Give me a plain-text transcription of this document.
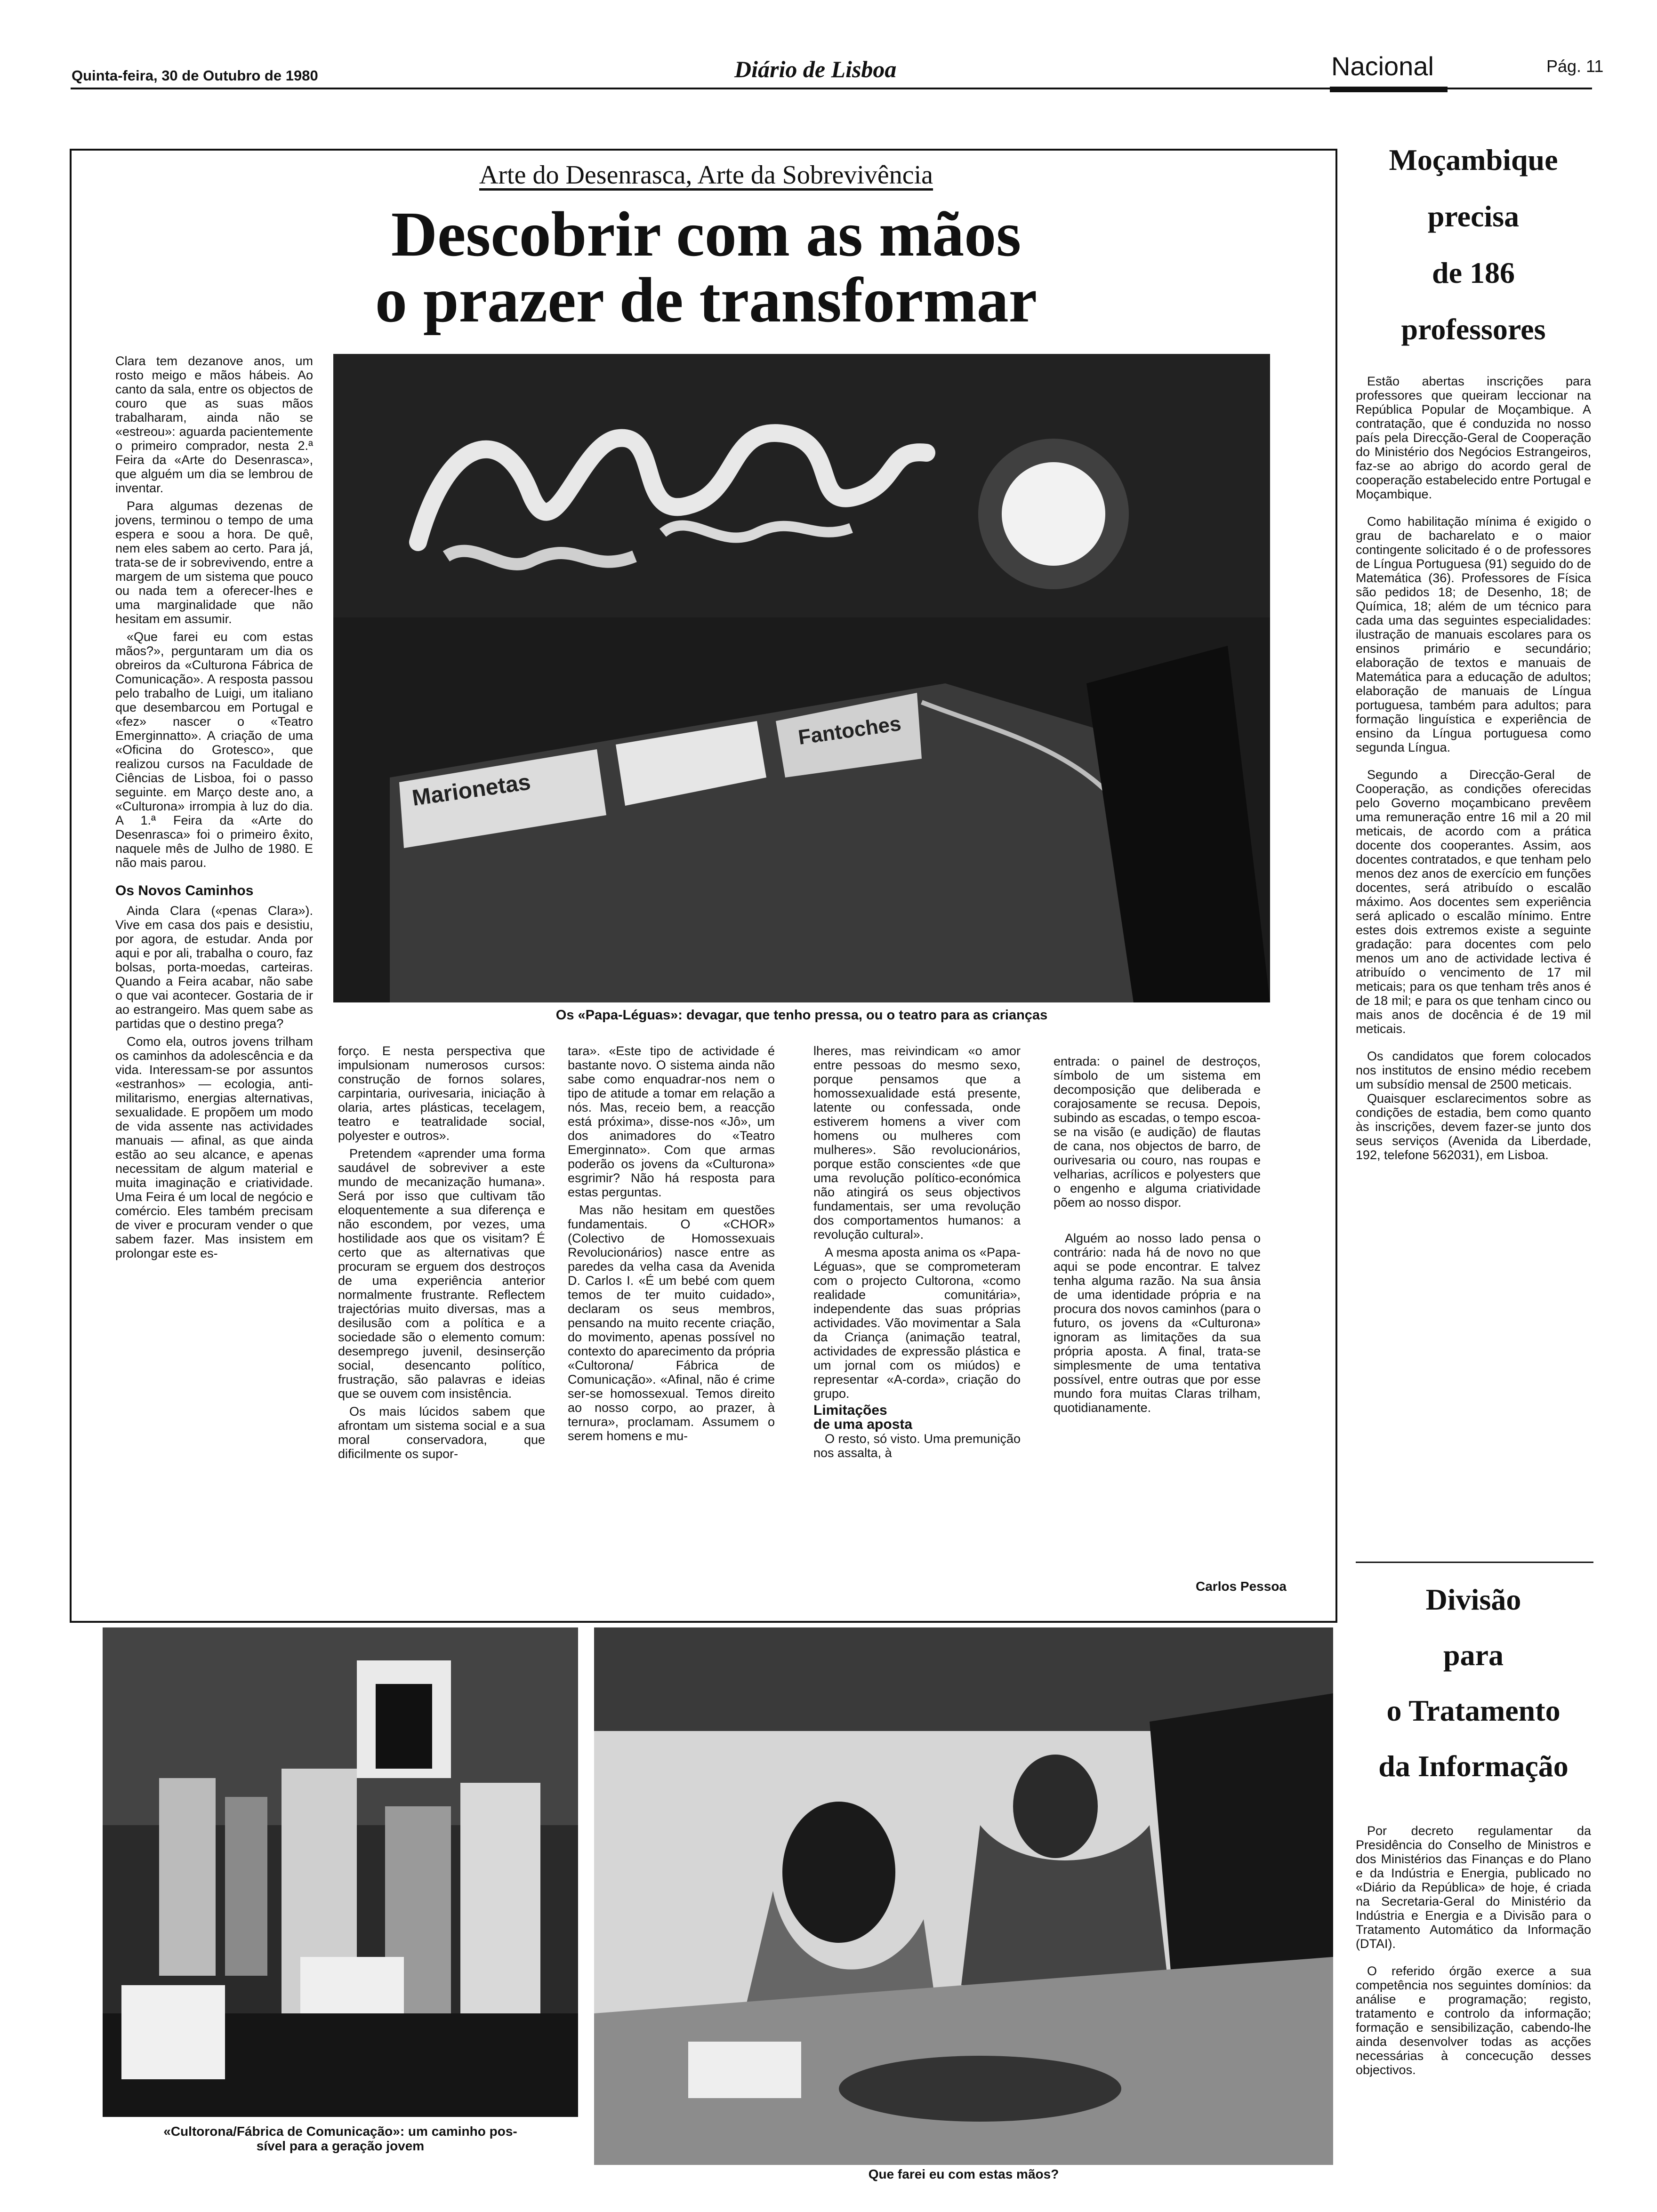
Quinta-feira, 30 de Outubro de 1980	Diário de Lisboa	Nacional	Pág. 11
Arte do Desenrasca, Arte da Sobrevivência
Descobrir com as mãos
o prazer de transformar
Marionetas
Fantoches
Os «Papa-Léguas»: devagar, que tenho pressa, ou o teatro para as crianças

Clara tem dezanove anos, um rosto meigo e mãos hábeis. Ao canto da sala, entre os objectos de couro que as suas mãos trabalharam, ainda não se «estreou»: aguarda pacientemente o primeiro comprador, nesta 2.ª Feira da «Arte do Desenrasca», que alguém um dia se lembrou de inventar.

Para algumas dezenas de jovens, terminou o tempo de uma espera e soou a hora. De quê, nem eles sabem ao certo. Para já, trata-se de ir sobrevivendo, entre a margem de um sistema que pouco ou nada tem a oferecer-lhes e uma marginalidade que não hesitam em assumir.

«Que farei eu com estas mãos?», perguntaram um dia os obreiros da «Culturona Fábrica de Comunicação». A resposta passou pelo trabalho de Luigi, um italiano que desembarcou em Portugal e «fez» nascer o «Teatro Emerginnatto». A criação de uma «Oficina do Grotesco», que realizou cursos na Faculdade de Ciências de Lisboa, foi o passo seguinte. em Março deste ano, a «Culturona» irrompia à luz do dia. A 1.ª Feira da «Arte do Desenrasca» foi o primeiro êxito, naquele mês de Julho de 1980. E não mais parou.

Os Novos Caminhos

Ainda Clara («penas Clara»). Vive em casa dos pais e desistiu, por agora, de estudar. Anda por aqui e por ali, trabalha o couro, faz bolsas, porta-moedas, carteiras. Quando a Feira acabar, não sabe o que vai acontecer. Gostaria de ir ao estrangeiro. Mas quem sabe as partidas que o destino prega?

Como ela, outros jovens trilham os caminhos da adolescência e da vida. Interessam-se por assuntos «estranhos» — ecologia, anti-militarismo, energias alternativas, sexualidade. E propõem um modo de vida assente nas actividades manuais — afinal, as que ainda estão ao seu alcance, e apenas necessitam de algum material e muita imaginação e criatividade. Uma Feira é um local de negócio e comércio. Eles também precisam de viver e procuram vender o que sabem fazer. Mas insistem em prolongar este es-

forço. E nesta perspectiva que impulsionam numerosos cursos: construção de fornos solares, carpintaria, ourivesaria, iniciação à olaria, artes plásticas, tecelagem, teatro e teatralidade social, polyester e outros».

Pretendem «aprender uma forma saudável de sobreviver a este mundo de mecanização humana». Será por isso que cultivam tão eloquentemente a sua diferença e não escondem, por vezes, uma hostilidade aos que os visitam? É certo que as alternativas que procuram se erguem dos destroços de uma experiência anterior normalmente frustrante. Reflectem trajectórias muito diversas, mas a desilusão com a política e a sociedade são o elemento comum: desemprego juvenil, desinserção social, desencanto político, frustração, são palavras e ideias que se ouvem com insistência.

Os mais lúcidos sabem que afrontam um sistema social e a sua moral conservadora, que dificilmente os supor-

tara». «Este tipo de actividade é bastante novo. O sistema ainda não sabe como enquadrar-nos nem o tipo de atitude a tomar em relação a nós. Mas, receio bem, a reacção está próxima», disse-nos «Jô», um dos animadores do «Teatro Emerginnato». Com que armas poderão os jovens da «Culturona» esgrimir? Não há resposta para estas perguntas.

Mas não hesitam em questões fundamentais. O «CHOR» (Colectivo de Homossexuais Revolucionários) nasce entre as paredes da velha casa da Avenida D. Carlos I. «É um bebé com quem temos de ter muito cuidado», declaram os seus membros, pensando na muito recente criação, do movimento, apenas possível no contexto do aparecimento da própria «Cultorona/ Fábrica de Comunicação». «Afinal, não é crime ser-se homossexual. Temos direito ao nosso corpo, ao prazer, à ternura», proclamam. Assumem o serem homens e mu-

lheres, mas reivindicam «o amor entre pessoas do mesmo sexo, porque pensamos que a homossexualidade está presente, latente ou confessada, onde estiverem homens a viver com homens ou mulheres com mulheres». São revolucionários, porque estão conscientes «de que uma revolução político-económica não atingirá os seus objectivos fundamentais, ser uma revolução dos comportamentos humanos: a revolução cultural».

A mesma aposta anima os «Papa-Léguas», que se comprometeram com o projecto Cultorona, «como realidade comunitária», independente das suas próprias actividades. Vão movimentar a Sala da Criança (animação teatral, actividades de expressão plástica e um jornal com os miúdos) e representar «A-corda», criação do grupo.

Limitações
de uma aposta

O resto, só visto. Uma premunição nos assalta, à

entrada: o painel de destroços, símbolo de um sistema em decomposição que deliberada e corajosamente se recusa. Depois, subindo as escadas, o tempo escoa-se na visão (e audição) de flautas de cana, nos objectos de barro, de ourivesaria ou couro, nas roupas e velharias, acrílicos e polyesters que o engenho e alguma criatividade põem ao nosso dispor.

Alguém ao nosso lado pensa o contrário: nada há de novo no que aqui se pode encontrar. E talvez tenha alguma razão. Na sua ânsia de uma identidade própria e na procura dos novos caminhos (para o futuro, os jovens da «Culturona» ignoram as limitações da sua própria aposta. A final, trata-se simplesmente de uma tentativa possível, entre outras que por esse mundo fora muitas Claras trilham, quotidianamente.

Carlos Pessoa
«Cultorona/Fábrica de Comunicação»: um caminho pos-
sível para a geração jovem
Que farei eu com estas mãos?
Moçambique
precisa
de 186
professores

Estão abertas inscrições para professores que queiram leccionar na República Popular de Moçambique. A contratação, que é conduzida no nosso país pela Direcção-Geral de Cooperação do Ministério dos Negócios Estrangeiros, faz-se ao abrigo do acordo geral de cooperação estabelecido entre Portugal e Moçambique.

Como habilitação mínima é exigido o grau de bacharelato e o maior contingente solicitado é o de professores de Língua Portuguesa (91) seguido do de Matemática (36). Professores de Física são pedidos 18; de Desenho, 18; de Química, 18; além de um técnico para cada uma das seguintes especialidades: ilustração de manuais escolares para os ensinos primário e secundário; elaboração de textos e manuais de Matemática para a educação de adultos; elaboração de manuais de Língua portuguesa, também para adultos; para formação linguística e experiência de ensino da Língua portuguesa como segunda Língua.

Segundo a Direcção-Geral de Cooperação, as condições oferecidas pelo Governo moçambicano prevêem uma remuneração entre 16 mil a 20 mil meticais, de acordo com a prática docente dos cooperantes. Assim, aos docentes contratados, e que tenham pelo menos dez anos de exercício em funções docentes, será atribuído o escalão máximo. Aos docentes sem experiência será aplicado o escalão mínimo. Entre estes dois extremos existe a seguinte gradação: para docentes com pelo menos um ano de actividade lectiva é atribuído o vencimento de 17 mil meticais; para os que tenham três anos é de 18 mil; e para os que tenham cinco ou mais anos de docência é de 19 mil meticais.

Os candidatos que forem colocados nos institutos de ensino médio recebem um subsídio mensal de 2500 meticais.

Quaisquer esclarecimentos sobre as condições de estadia, bem como quanto às inscrições, devem fazer-se junto dos seus serviços (Avenida da Liberdade, 192, telefone 562031), em Lisboa.

Divisão
para
o Tratamento
da Informação

Por decreto regulamentar da Presidência do Conselho de Ministros e dos Ministérios das Finanças e do Plano e da Indústria e Energia, publicado no «Diário da República» de hoje, é criada na Secretaria-Geral do Ministério da Indústria e Energia e a Divisão para o Tratamento Automático da Informação (DTAI).

O referido órgão exerce a sua competência nos seguintes domínios: da análise e programação; registo, tratamento e controlo da informação; formação e sensibilização, cabendo-lhe ainda desenvolver todas as acções necessárias à concecução desses objectivos.
